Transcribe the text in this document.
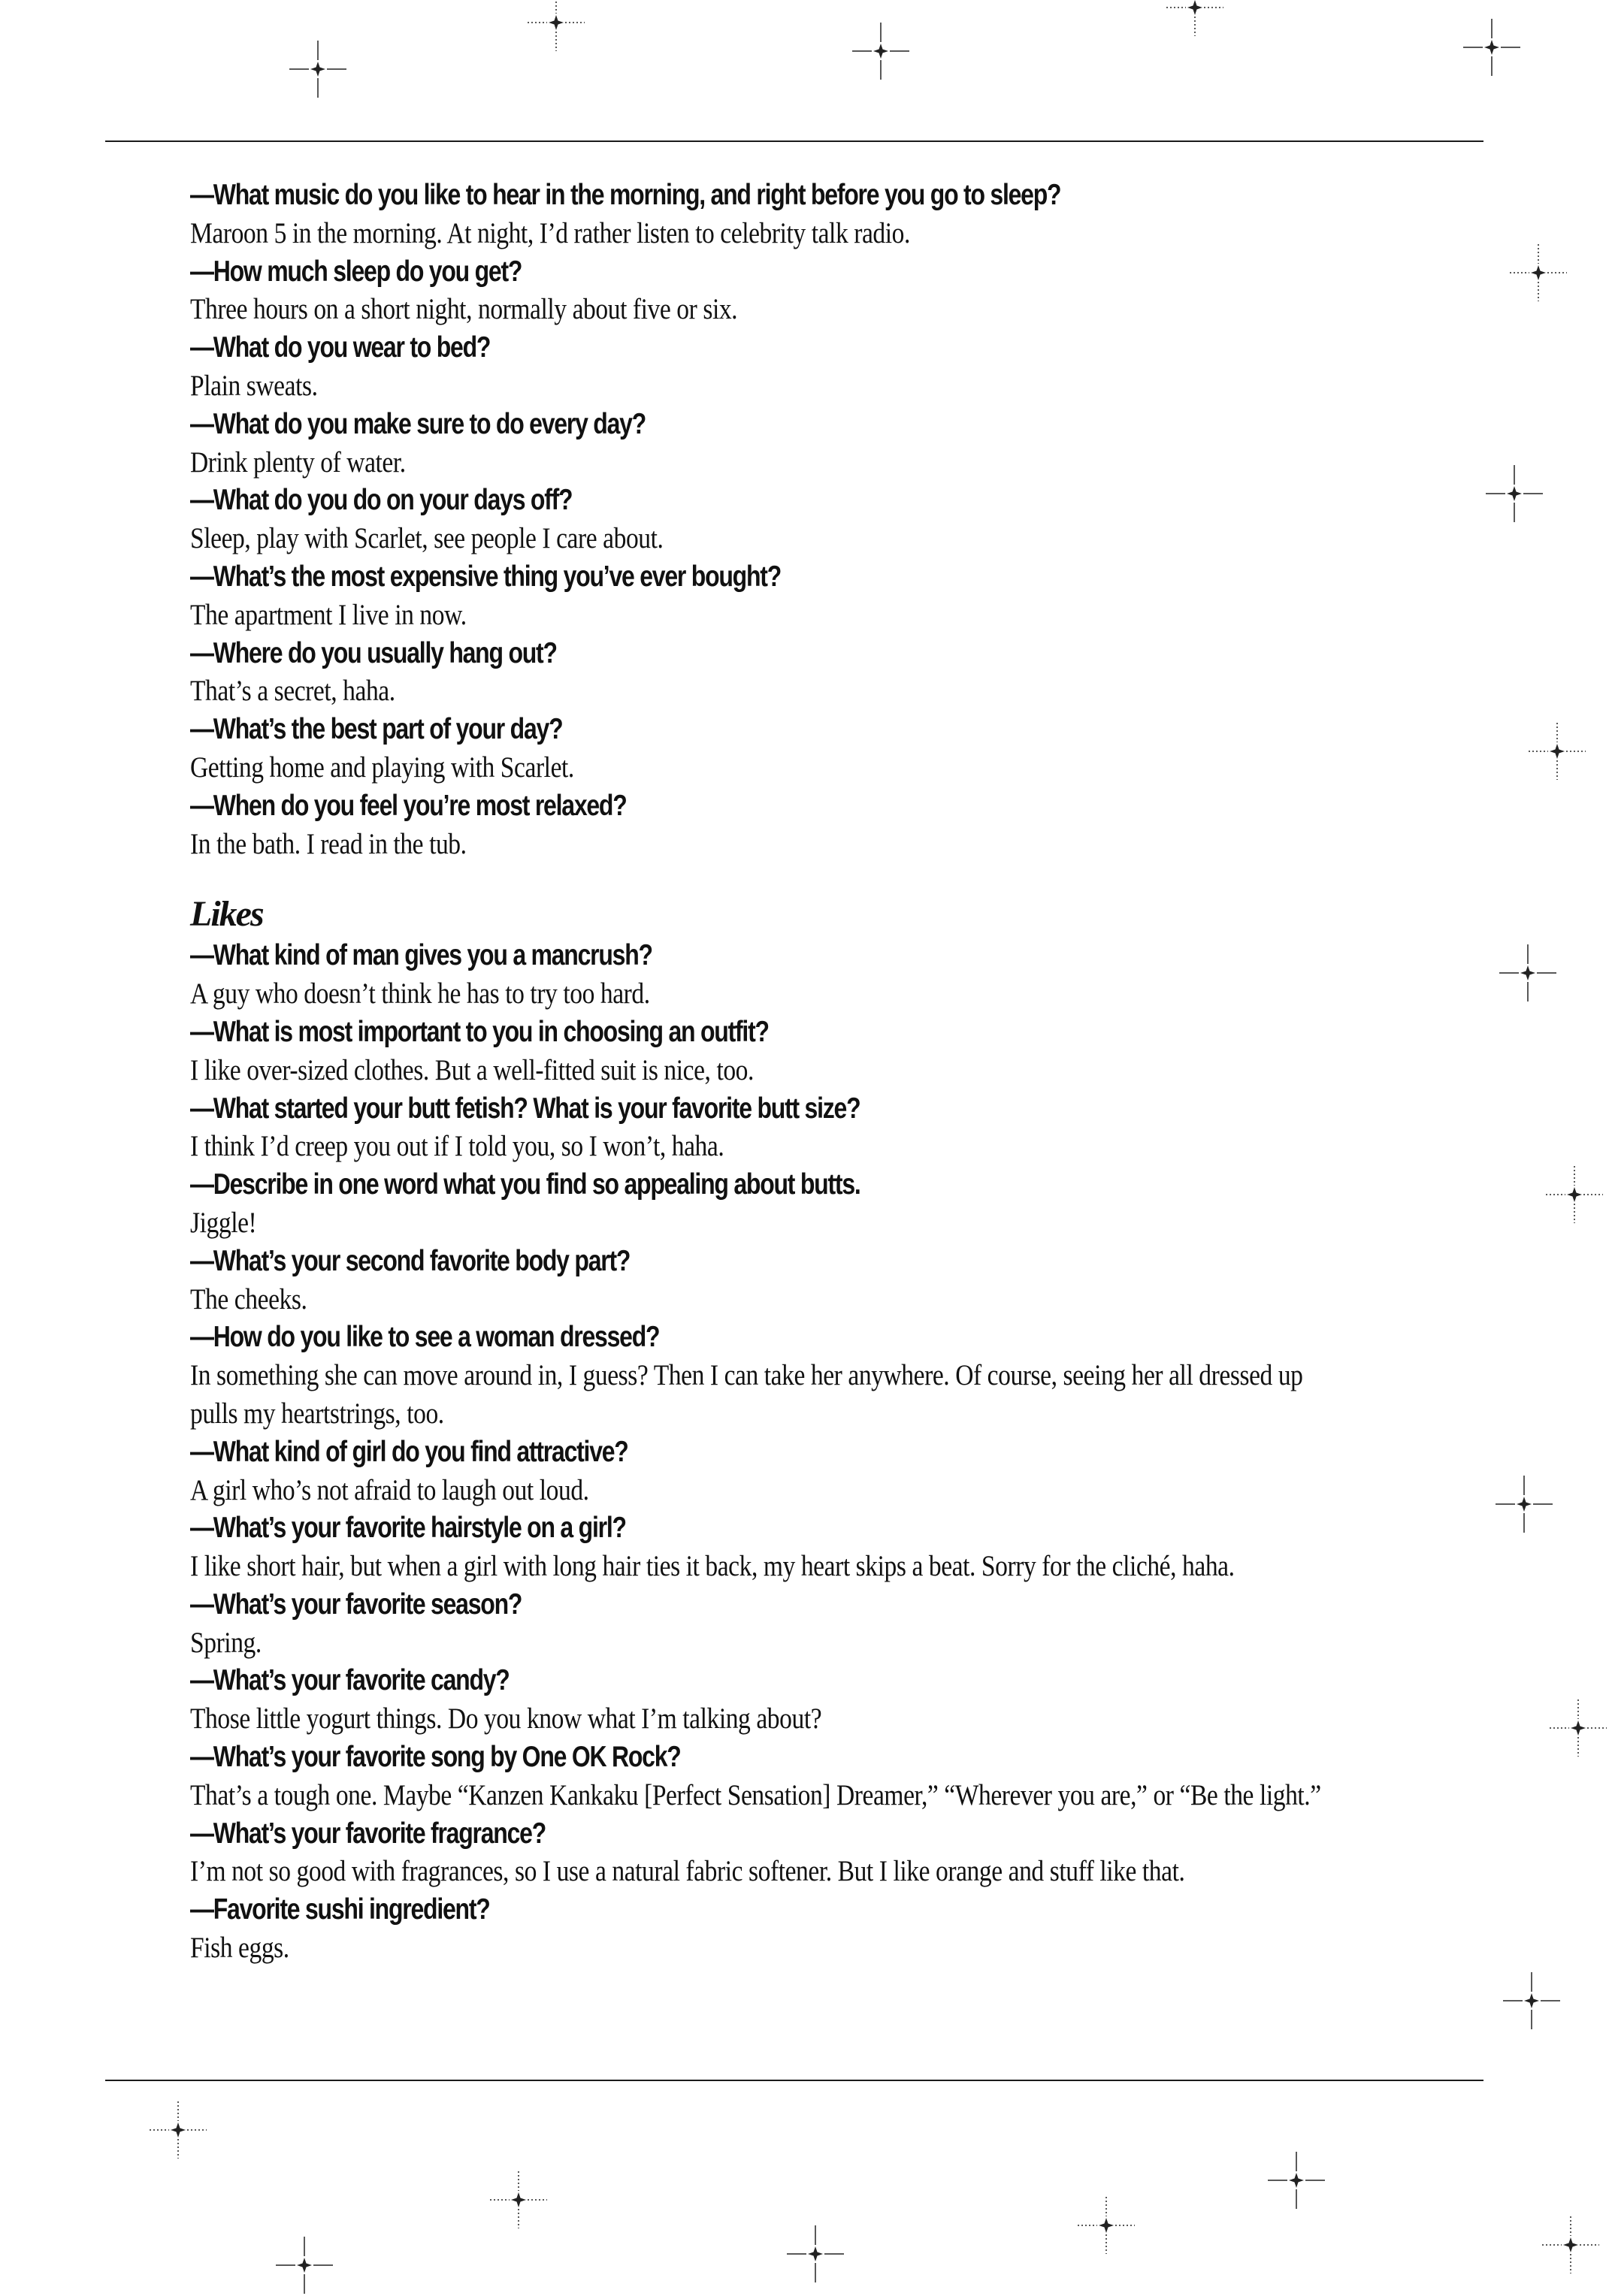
—What music do you like to hear in the morning, and right before you go to sleep?
Maroon 5 in the morning. At night, I’d rather listen to celebrity talk radio.
—How much sleep do you get?
Three hours on a short night, normally about five or six.
—What do you wear to bed?
Plain sweats.
—What do you make sure to do every day?
Drink plenty of water.
—What do you do on your days off?
Sleep, play with Scarlet, see people I care about.
—What’s the most expensive thing you’ve ever bought?
The apartment I live in now.
—Where do you usually hang out?
That’s a secret, haha.
—What’s the best part of your day?
Getting home and playing with Scarlet.
—When do you feel you’re most relaxed?
In the bath. I read in the tub.
Likes
—What kind of man gives you a mancrush?
A guy who doesn’t think he has to try too hard.
—What is most important to you in choosing an outfit?
I like over-sized clothes. But a well-fitted suit is nice, too.
—What started your butt fetish? What is your favorite butt size?
I think I’d creep you out if I told you, so I won’t, haha.
—Describe in one word what you find so appealing about butts.
Jiggle!
—What’s your second favorite body part?
The cheeks.
—How do you like to see a woman dressed?
In something she can move around in, I guess? Then I can take her anywhere. Of course, seeing her all dressed up
pulls my heartstrings, too.
—What kind of girl do you find attractive?
A girl who’s not afraid to laugh out loud.
—What’s your favorite hairstyle on a girl?
I like short hair, but when a girl with long hair ties it back, my heart skips a beat. Sorry for the cliché, haha.
—What’s your favorite season?
Spring.
—What’s your favorite candy?
Those little yogurt things. Do you know what I’m talking about?
—What’s your favorite song by One OK Rock?
That’s a tough one. Maybe “Kanzen Kankaku [Perfect Sensation] Dreamer,” “Wherever you are,” or “Be the light.”
—What’s your favorite fragrance?
I’m not so good with fragrances, so I use a natural fabric softener. But I like orange and stuff like that.
—Favorite sushi ingredient?
Fish eggs.
